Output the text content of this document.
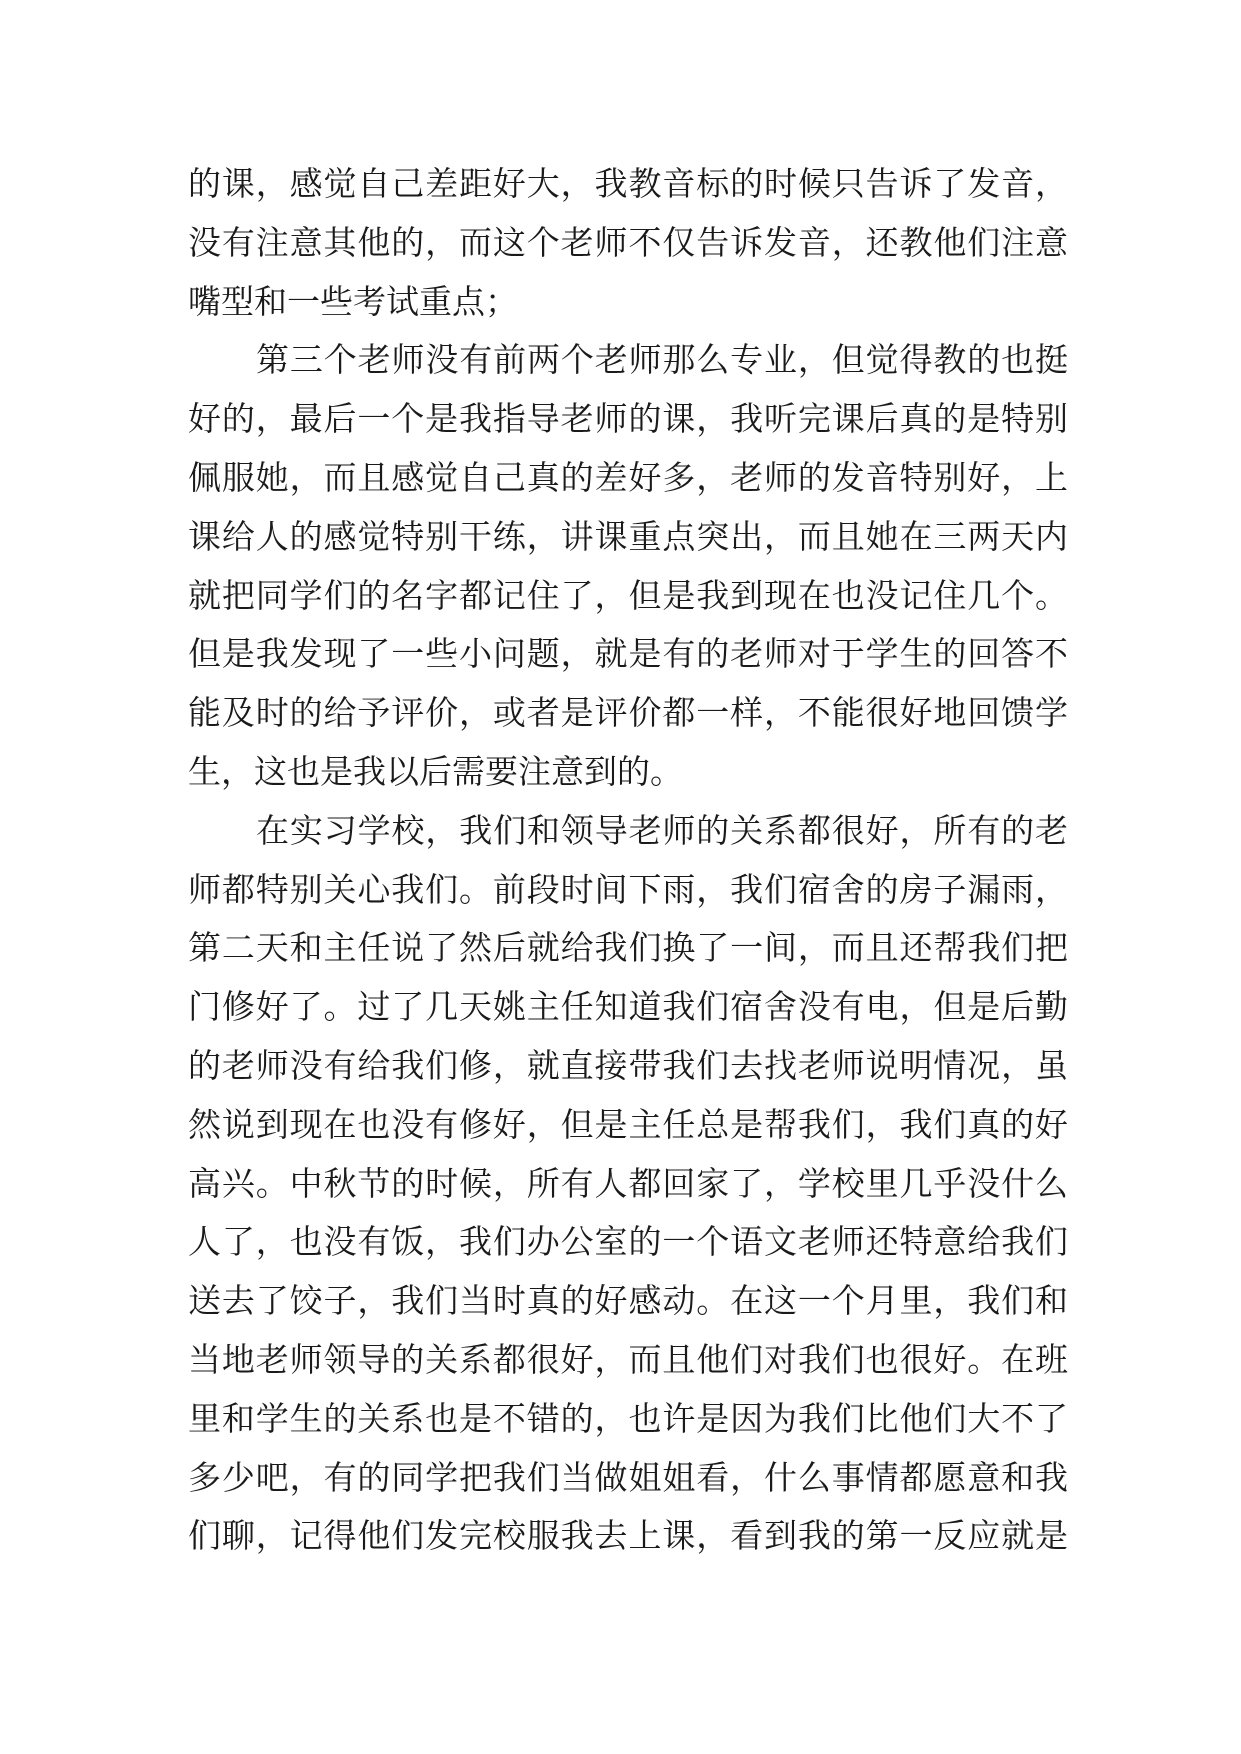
的课，感觉自己差距好大，我教音标的时候只告诉了发音，
没有注意其他的，而这个老师不仅告诉发音，还教他们注意
嘴型和一些考试重点；
第三个老师没有前两个老师那么专业，但觉得教的也挺
好的，最后一个是我指导老师的课，我听完课后真的是特别
佩服她，而且感觉自己真的差好多，老师的发音特别好，上
课给人的感觉特别干练，讲课重点突出，而且她在三两天内
就把同学们的名字都记住了，但是我到现在也没记住几个。
但是我发现了一些小问题，就是有的老师对于学生的回答不
能及时的给予评价，或者是评价都一样，不能很好地回馈学
生，这也是我以后需要注意到的。
在实习学校，我们和领导老师的关系都很好，所有的老
师都特别关心我们。前段时间下雨，我们宿舍的房子漏雨，
第二天和主任说了然后就给我们换了一间，而且还帮我们把
门修好了。过了几天姚主任知道我们宿舍没有电，但是后勤
的老师没有给我们修，就直接带我们去找老师说明情况，虽
然说到现在也没有修好，但是主任总是帮我们，我们真的好
高兴。中秋节的时候，所有人都回家了，学校里几乎没什么
人了，也没有饭，我们办公室的一个语文老师还特意给我们
送去了饺子，我们当时真的好感动。在这一个月里，我们和
当地老师领导的关系都很好，而且他们对我们也很好。在班
里和学生的关系也是不错的，也许是因为我们比他们大不了
多少吧，有的同学把我们当做姐姐看，什么事情都愿意和我
们聊，记得他们发完校服我去上课，看到我的第一反应就是
